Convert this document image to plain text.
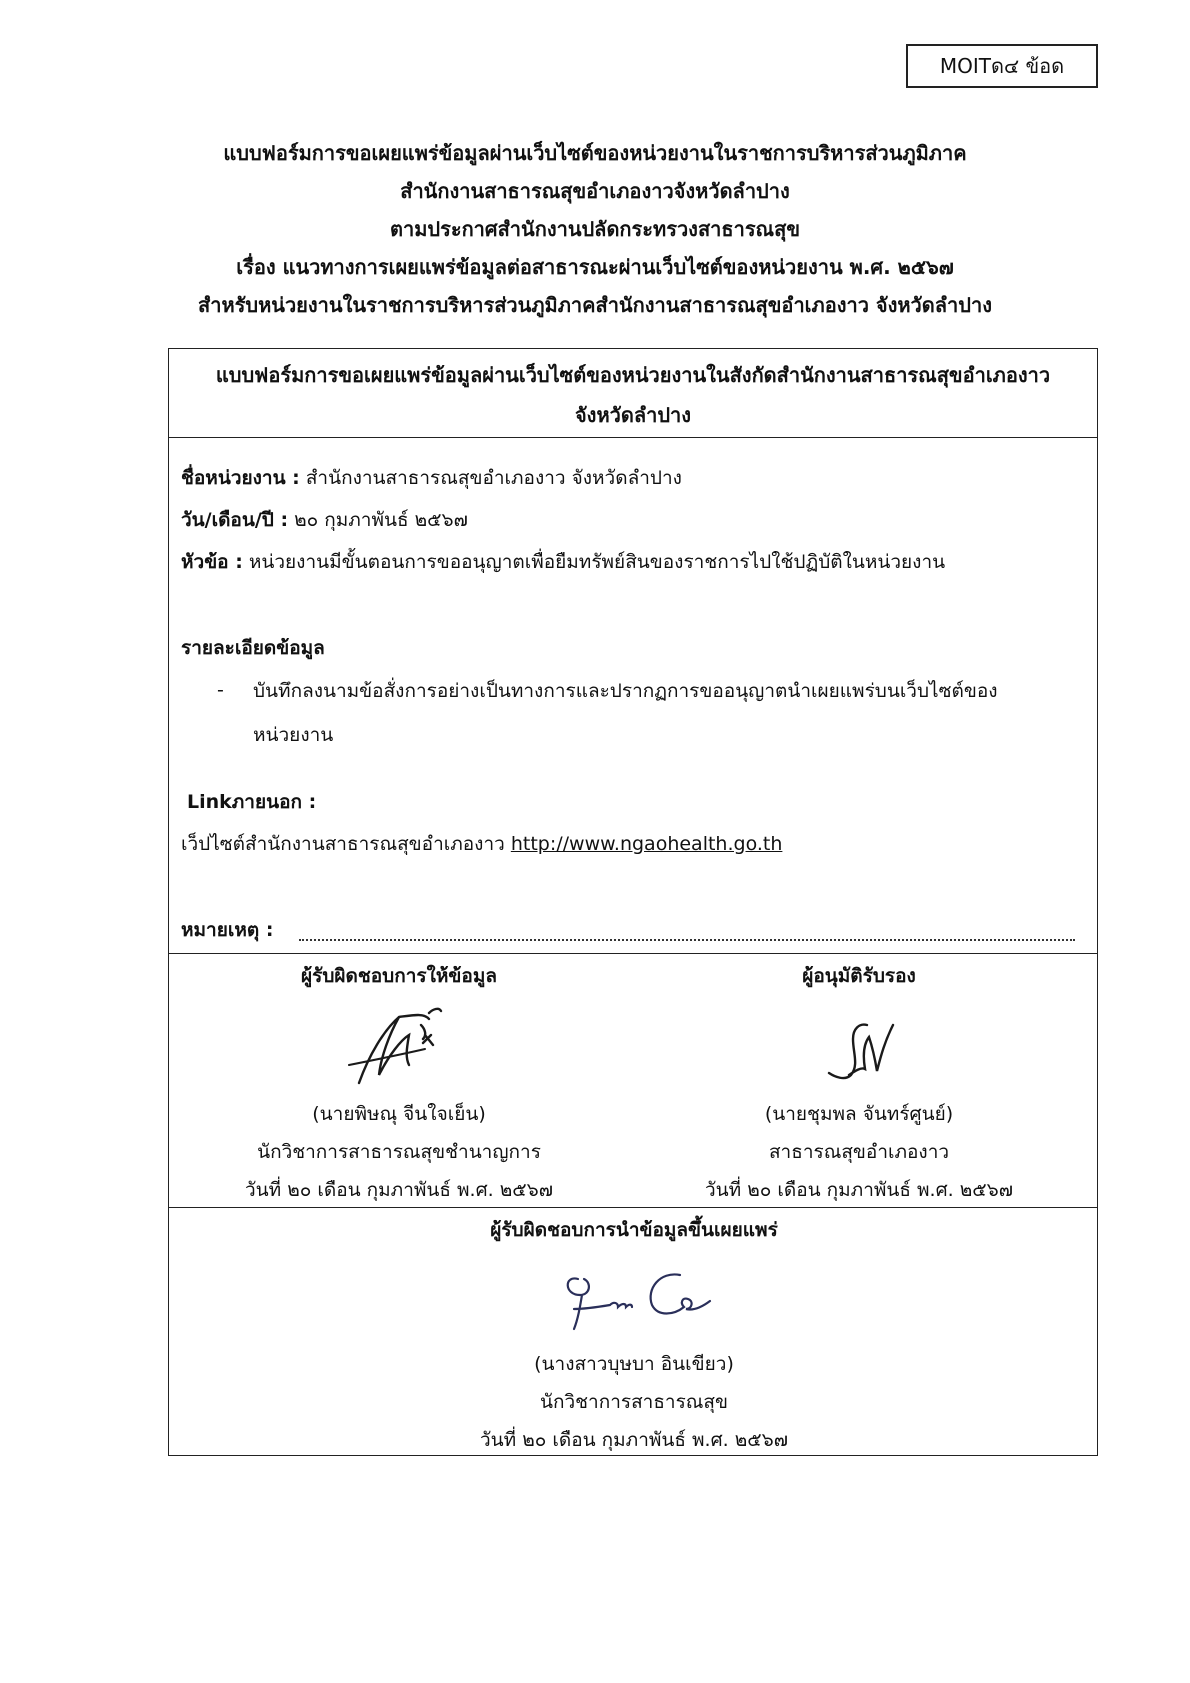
MOITด๔ ข้อด
แบบฟอร์มการขอเผยแพร่ข้อมูลผ่านเว็บไซต์ของหน่วยงานในราชการบริหารส่วนภูมิภาค
สำนักงานสาธารณสุขอำเภองาวจังหวัดลำปาง
ตามประกาศสำนักงานปลัดกระทรวงสาธารณสุข
เรื่อง แนวทางการเผยแพร่ข้อมูลต่อสาธารณะผ่านเว็บไซต์ของหน่วยงาน พ.ศ. ๒๕๖๗
สำหรับหน่วยงานในราชการบริหารส่วนภูมิภาคสำนักงานสาธารณสุขอำเภองาว จังหวัดลำปาง
แบบฟอร์มการขอเผยแพร่ข้อมูลผ่านเว็บไซต์ของหน่วยงานในสังกัดสำนักงานสาธารณสุขอำเภองาว
จังหวัดลำปาง
ชื่อหน่วยงาน : สำนักงานสาธารณสุขอำเภองาว จังหวัดลำปาง
วัน/เดือน/ปี : ๒๐ กุมภาพันธ์ ๒๕๖๗
หัวข้อ : หน่วยงานมีขั้นตอนการขออนุญาตเพื่อยืมทรัพย์สินของราชการไปใช้ปฏิบัติในหน่วยงาน
รายละเอียดข้อมูล
- บันทึกลงนามข้อสั่งการอย่างเป็นทางการและปรากฏการขออนุญาตนำเผยแพร่บนเว็บไซต์ของหน่วยงาน
Linkภายนอก :
เว็ปไซต์สำนักงานสาธารณสุขอำเภองาว http://www.ngaohealth.go.th
หมายเหตุ :
ผู้รับผิดชอบการให้ข้อมูล
(นายพิษณุ จีนใจเย็น)
นักวิชาการสาธารณสุขชำนาญการ
วันที่ ๒๐ เดือน กุมภาพันธ์ พ.ศ. ๒๕๖๗
ผู้อนุมัติรับรอง
(นายชุมพล จันทร์ศูนย์)
สาธารณสุขอำเภองาว
วันที่ ๒๐ เดือน กุมภาพันธ์ พ.ศ. ๒๕๖๗
ผู้รับผิดชอบการนำข้อมูลขึ้นเผยแพร่
(นางสาวบุษบา อินเขียว)
นักวิชาการสาธารณสุข
วันที่ ๒๐ เดือน กุมภาพันธ์ พ.ศ. ๒๕๖๗
